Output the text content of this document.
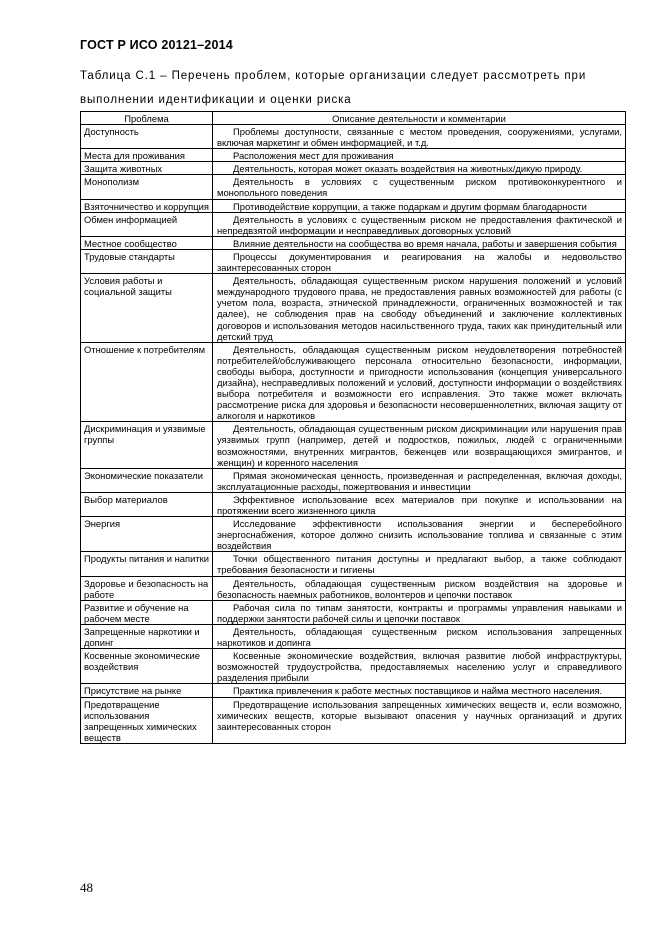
ГОСТ Р ИСО 20121–2014
Таблица С.1 – Перечень проблем, которые организации следует рассмотреть при выполнении идентификации и оценки риска
Проблема	Описание деятельности и комментарии
Доступность	Проблемы доступности, связанные с местом проведения, сооружениями, услугами, включая маркетинг и обмен информацией, и т.д.

Места для проживания	Расположения мест для проживания

Защита животных	Деятельность, которая может оказать воздействия на животных/дикую природу.

Монополизм	Деятельность в условиях с существенным риском противоконкурентного и монопольного поведения

Взяточничество и коррупция	Противодействие коррупции, а также подаркам и другим формам благодарности

Обмен информацией	Деятельность в условиях с существенным риском не предоставления фактической и непредвзятой информации и несправедливых договорных условий

Местное сообщество	Влияние деятельности на сообщества во время начала, работы и завершения события

Трудовые стандарты	Процессы документирования и реагирования на жалобы и недовольство заинтересованных сторон

Условия работы и социальной защиты	Деятельность, обладающая существенным риском нарушения положений и условий международного трудового права, не предоставления равных возможностей для работы (с учетом пола, возраста, этнической принадлежности, ограниченных возможностей и так далее), не соблюдения прав на свободу объединений и заключение коллективных договоров и использования методов насильственного труда, таких как принудительный или детский труд

Отношение к потребителям	Деятельность, обладающая существенным риском неудовлетворения потребностей потребителей/обслуживающего персонала относительно безопасности, информации, свободы выбора, доступности и пригодности использования (концепция универсального дизайна), несправедливых положений и условий, доступности информации о воздействиях выбора потребителя и возможности его исправления. Это также может включать рассмотрение риска для здоровья и безопасности несовершеннолетних, включая защиту от алкоголя и наркотиков

Дискриминация и уязвимые группы	Деятельность, обладающая существенным риском дискриминации или нарушения прав уязвимых групп (например, детей и подростков, пожилых, людей с ограниченными возможностями, внутренних мигрантов, беженцев или возвращающихся эмигрантов, и женщин) и коренного населения

Экономические показатели	Прямая экономическая ценность, произведенная и распределенная, включая доходы, эксплуатационные расходы, пожертвования и инвестиции

Выбор материалов	Эффективное использование всех материалов при покупке и использовании на протяжении всего жизненного цикла

Энергия	Исследование эффективности использования энергии и бесперебойного энергоснабжения, которое должно снизить использование топлива и связанные с этим воздействия

Продукты питания и напитки	Точки общественного питания доступны и предлагают выбор, а также соблюдают требования безопасности и гигиены

Здоровье и безопасность на работе	Деятельность, обладающая существенным риском воздействия на здоровье и безопасность наемных работников, волонтеров и цепочки поставок

Развитие и обучение на рабочем месте	Рабочая сила по типам занятости, контракты и программы управления навыками и поддержки занятости рабочей силы и цепочки поставок

Запрещенные наркотики и допинг	Деятельность, обладающая существенным риском использования запрещенных наркотиков и допинга

Косвенные экономические воздействия	Косвенные экономические воздействия, включая развитие любой инфраструктуры, возможностей трудоустройства, предоставляемых населению услуг и справедливого разделения прибыли

Присутствие на рынке	Практика привлечения к работе местных поставщиков и найма местного населения.

Предотвращение использования запрещенных химических веществ	Предотвращение использования запрещенных химических веществ и, если возможно, химических веществ, которые вызывают опасения у научных организаций и других заинтересованных сторон
48
